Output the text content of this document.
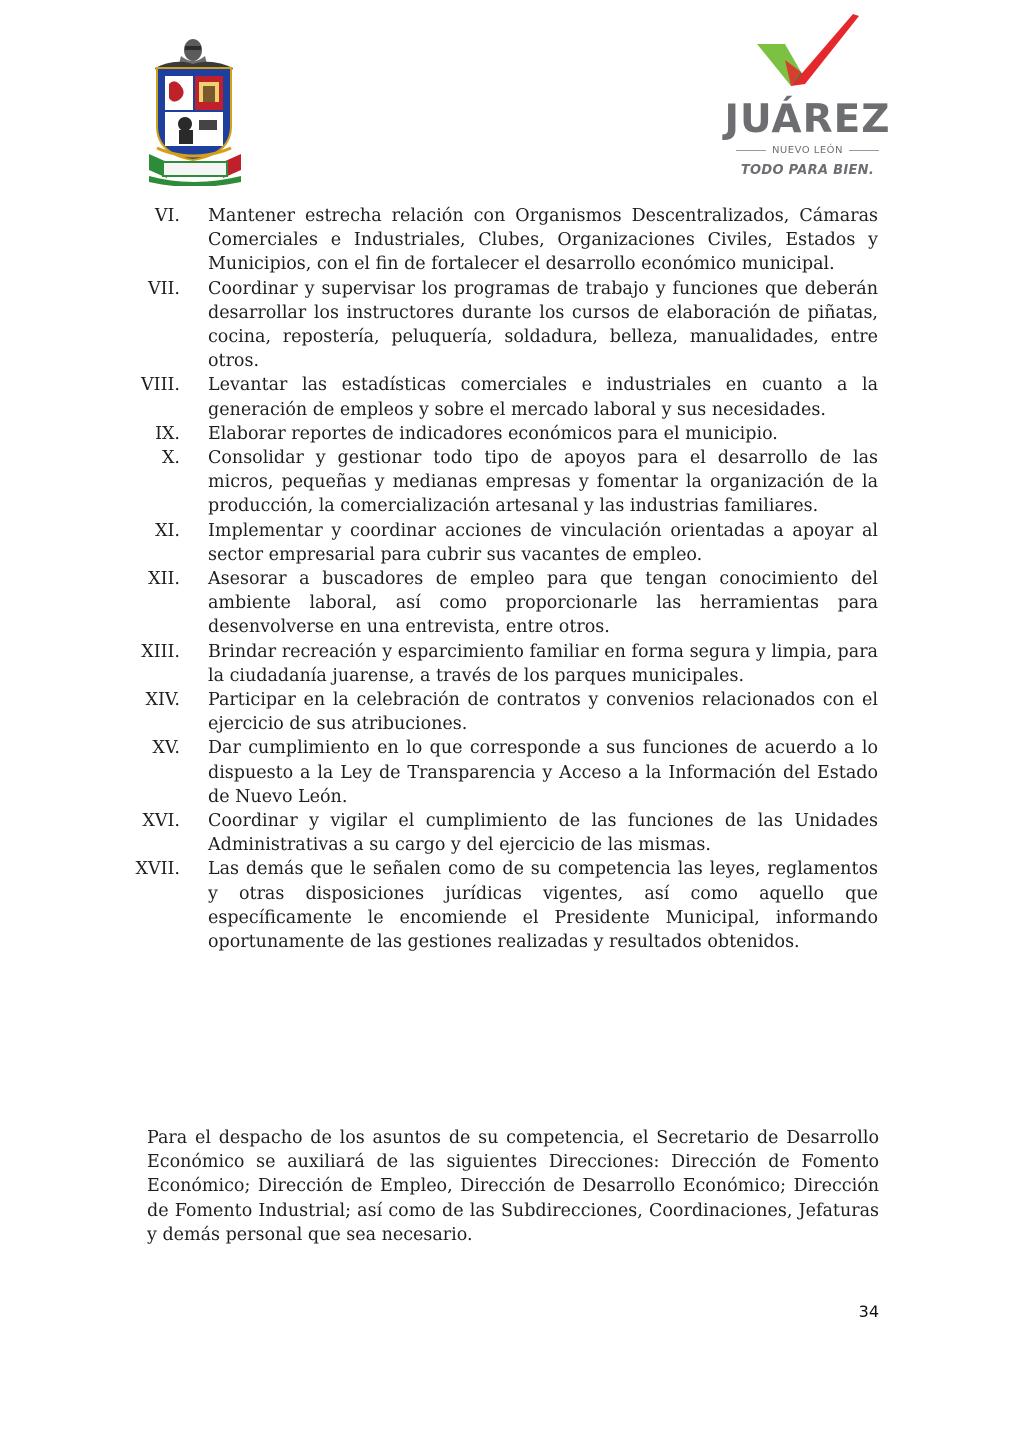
JUÁREZ
NUEVO LEÓN
TODO PARA BIEN.
VI. Mantener estrecha relación con Organismos Descentralizados, Cámaras Comerciales e Industriales, Clubes, Organizaciones Civiles, Estados y Municipios, con el fin de fortalecer el desarrollo económico municipal.
VII. Coordinar y supervisar los programas de trabajo y funciones que deberán desarrollar los instructores durante los cursos de elaboración de piñatas, cocina, repostería, peluquería, soldadura, belleza, manualidades, entre otros.
VIII. Levantar las estadísticas comerciales e industriales en cuanto a la generación de empleos y sobre el mercado laboral y sus necesidades.
IX. Elaborar reportes de indicadores económicos para el municipio.
X. Consolidar y gestionar todo tipo de apoyos para el desarrollo de las micros, pequeñas y medianas empresas y fomentar la organización de la producción, la comercialización artesanal y las industrias familiares.
XI. Implementar y coordinar acciones de vinculación orientadas a apoyar al sector empresarial para cubrir sus vacantes de empleo.
XII. Asesorar a buscadores de empleo para que tengan conocimiento del ambiente laboral, así como proporcionarle las herramientas para desenvolverse en una entrevista, entre otros.
XIII. Brindar recreación y esparcimiento familiar en forma segura y limpia, para la ciudadanía juarense, a través de los parques municipales.
XIV. Participar en la celebración de contratos y convenios relacionados con el ejercicio de sus atribuciones.
XV. Dar cumplimiento en lo que corresponde a sus funciones de acuerdo a lo dispuesto a la Ley de Transparencia y Acceso a la Información del Estado de Nuevo León.
XVI. Coordinar y vigilar el cumplimiento de las funciones de las Unidades Administrativas a su cargo y del ejercicio de las mismas.
XVII. Las demás que le señalen como de su competencia las leyes, reglamentos y otras disposiciones jurídicas vigentes, así como aquello que específicamente le encomiende el Presidente Municipal, informando oportunamente de las gestiones realizadas y resultados obtenidos.

Para el despacho de los asuntos de su competencia, el Secretario de Desarrollo Económico se auxiliará de las siguientes Direcciones: Dirección de Fomento Económico; Dirección de Empleo, Dirección de Desarrollo Económico; Dirección de Fomento Industrial; así como de las Subdirecciones, Coordinaciones, Jefaturas y demás personal que sea necesario.

34
